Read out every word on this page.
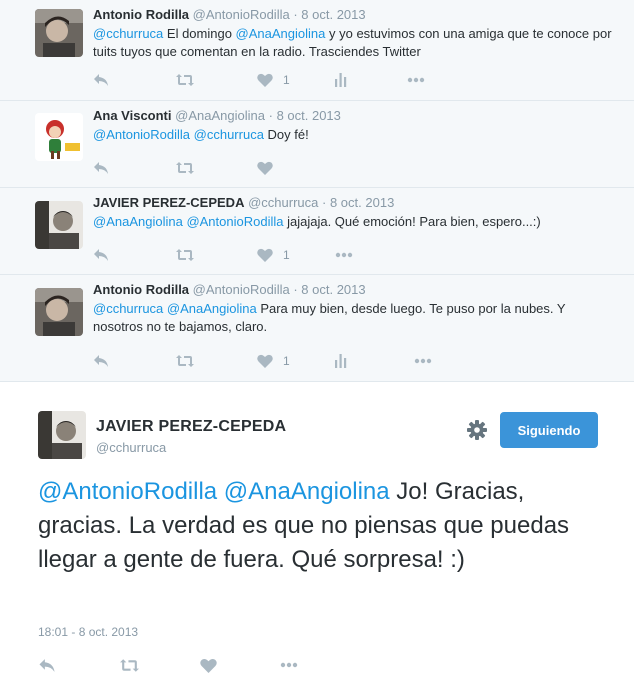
Antonio Rodilla @AntonioRodilla · 8 oct. 2013
@cchurruca El domingo @AnaAngiolina y yo estuvimos con una amiga que te conoce por tuits tuyos que comentan en la radio. Trasciendes Twitter
1
Ana Visconti @AnaAngiolina · 8 oct. 2013
@AntonioRodilla @cchurruca Doy fé!
JAVIER PEREZ-CEPEDA @cchurruca · 8 oct. 2013
@AnaAngiolina @AntonioRodilla jajajaja. Qué emoción! Para bien, espero...:)
1
Antonio Rodilla @AntonioRodilla · 8 oct. 2013
@cchurruca @AnaAngiolina Para muy bien, desde luego. Te puso por la nubes. Y nosotros no te bajamos, claro.
1
JAVIER PEREZ-CEPEDA
@cchurruca
Siguiendo
@AntonioRodilla @AnaAngiolina Jo! Gracias, gracias. La verdad es que no piensas que puedas llegar a gente de fuera. Qué sorpresa! :)
18:01 - 8 oct. 2013
